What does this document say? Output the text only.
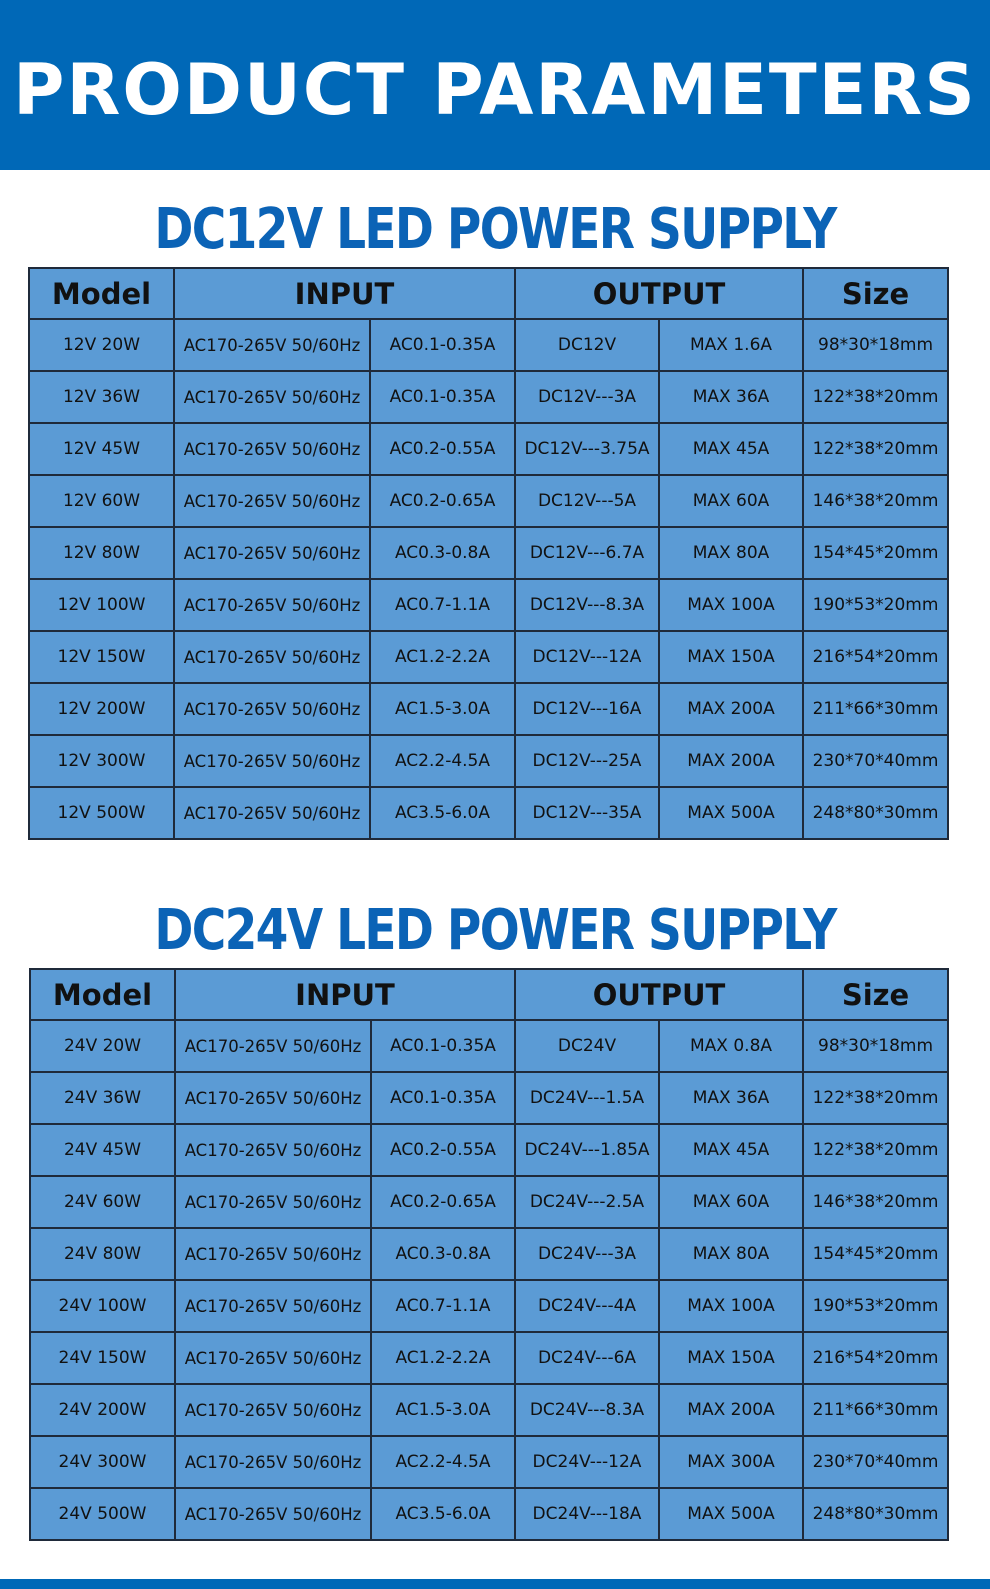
PRODUCT PARAMETERS
DC12V LED POWER SUPPLY
Model	INPUT		OUTPUT		Size
12V 20W	AC170-265V 50/60Hz	AC0.1-0.35A	DC12V	MAX 1.6A	98*30*18mm
12V 36W	AC170-265V 50/60Hz	AC0.1-0.35A	DC12V---3A	MAX 36A	122*38*20mm
12V 45W	AC170-265V 50/60Hz	AC0.2-0.55A	DC12V---3.75A	MAX 45A	122*38*20mm
12V 60W	AC170-265V 50/60Hz	AC0.2-0.65A	DC12V---5A	MAX 60A	146*38*20mm
12V 80W	AC170-265V 50/60Hz	AC0.3-0.8A	DC12V---6.7A	MAX 80A	154*45*20mm
12V 100W	AC170-265V 50/60Hz	AC0.7-1.1A	DC12V---8.3A	MAX 100A	190*53*20mm
12V 150W	AC170-265V 50/60Hz	AC1.2-2.2A	DC12V---12A	MAX 150A	216*54*20mm
12V 200W	AC170-265V 50/60Hz	AC1.5-3.0A	DC12V---16A	MAX 200A	211*66*30mm
12V 300W	AC170-265V 50/60Hz	AC2.2-4.5A	DC12V---25A	MAX 200A	230*70*40mm
12V 500W	AC170-265V 50/60Hz	AC3.5-6.0A	DC12V---35A	MAX 500A	248*80*30mm
DC24V LED POWER SUPPLY
Model	INPUT		OUTPUT		Size
24V 20W	AC170-265V 50/60Hz	AC0.1-0.35A	DC24V	MAX 0.8A	98*30*18mm
24V 36W	AC170-265V 50/60Hz	AC0.1-0.35A	DC24V---1.5A	MAX 36A	122*38*20mm
24V 45W	AC170-265V 50/60Hz	AC0.2-0.55A	DC24V---1.85A	MAX 45A	122*38*20mm
24V 60W	AC170-265V 50/60Hz	AC0.2-0.65A	DC24V---2.5A	MAX 60A	146*38*20mm
24V 80W	AC170-265V 50/60Hz	AC0.3-0.8A	DC24V---3A	MAX 80A	154*45*20mm
24V 100W	AC170-265V 50/60Hz	AC0.7-1.1A	DC24V---4A	MAX 100A	190*53*20mm
24V 150W	AC170-265V 50/60Hz	AC1.2-2.2A	DC24V---6A	MAX 150A	216*54*20mm
24V 200W	AC170-265V 50/60Hz	AC1.5-3.0A	DC24V---8.3A	MAX 200A	211*66*30mm
24V 300W	AC170-265V 50/60Hz	AC2.2-4.5A	DC24V---12A	MAX 300A	230*70*40mm
24V 500W	AC170-265V 50/60Hz	AC3.5-6.0A	DC24V---18A	MAX 500A	248*80*30mm
